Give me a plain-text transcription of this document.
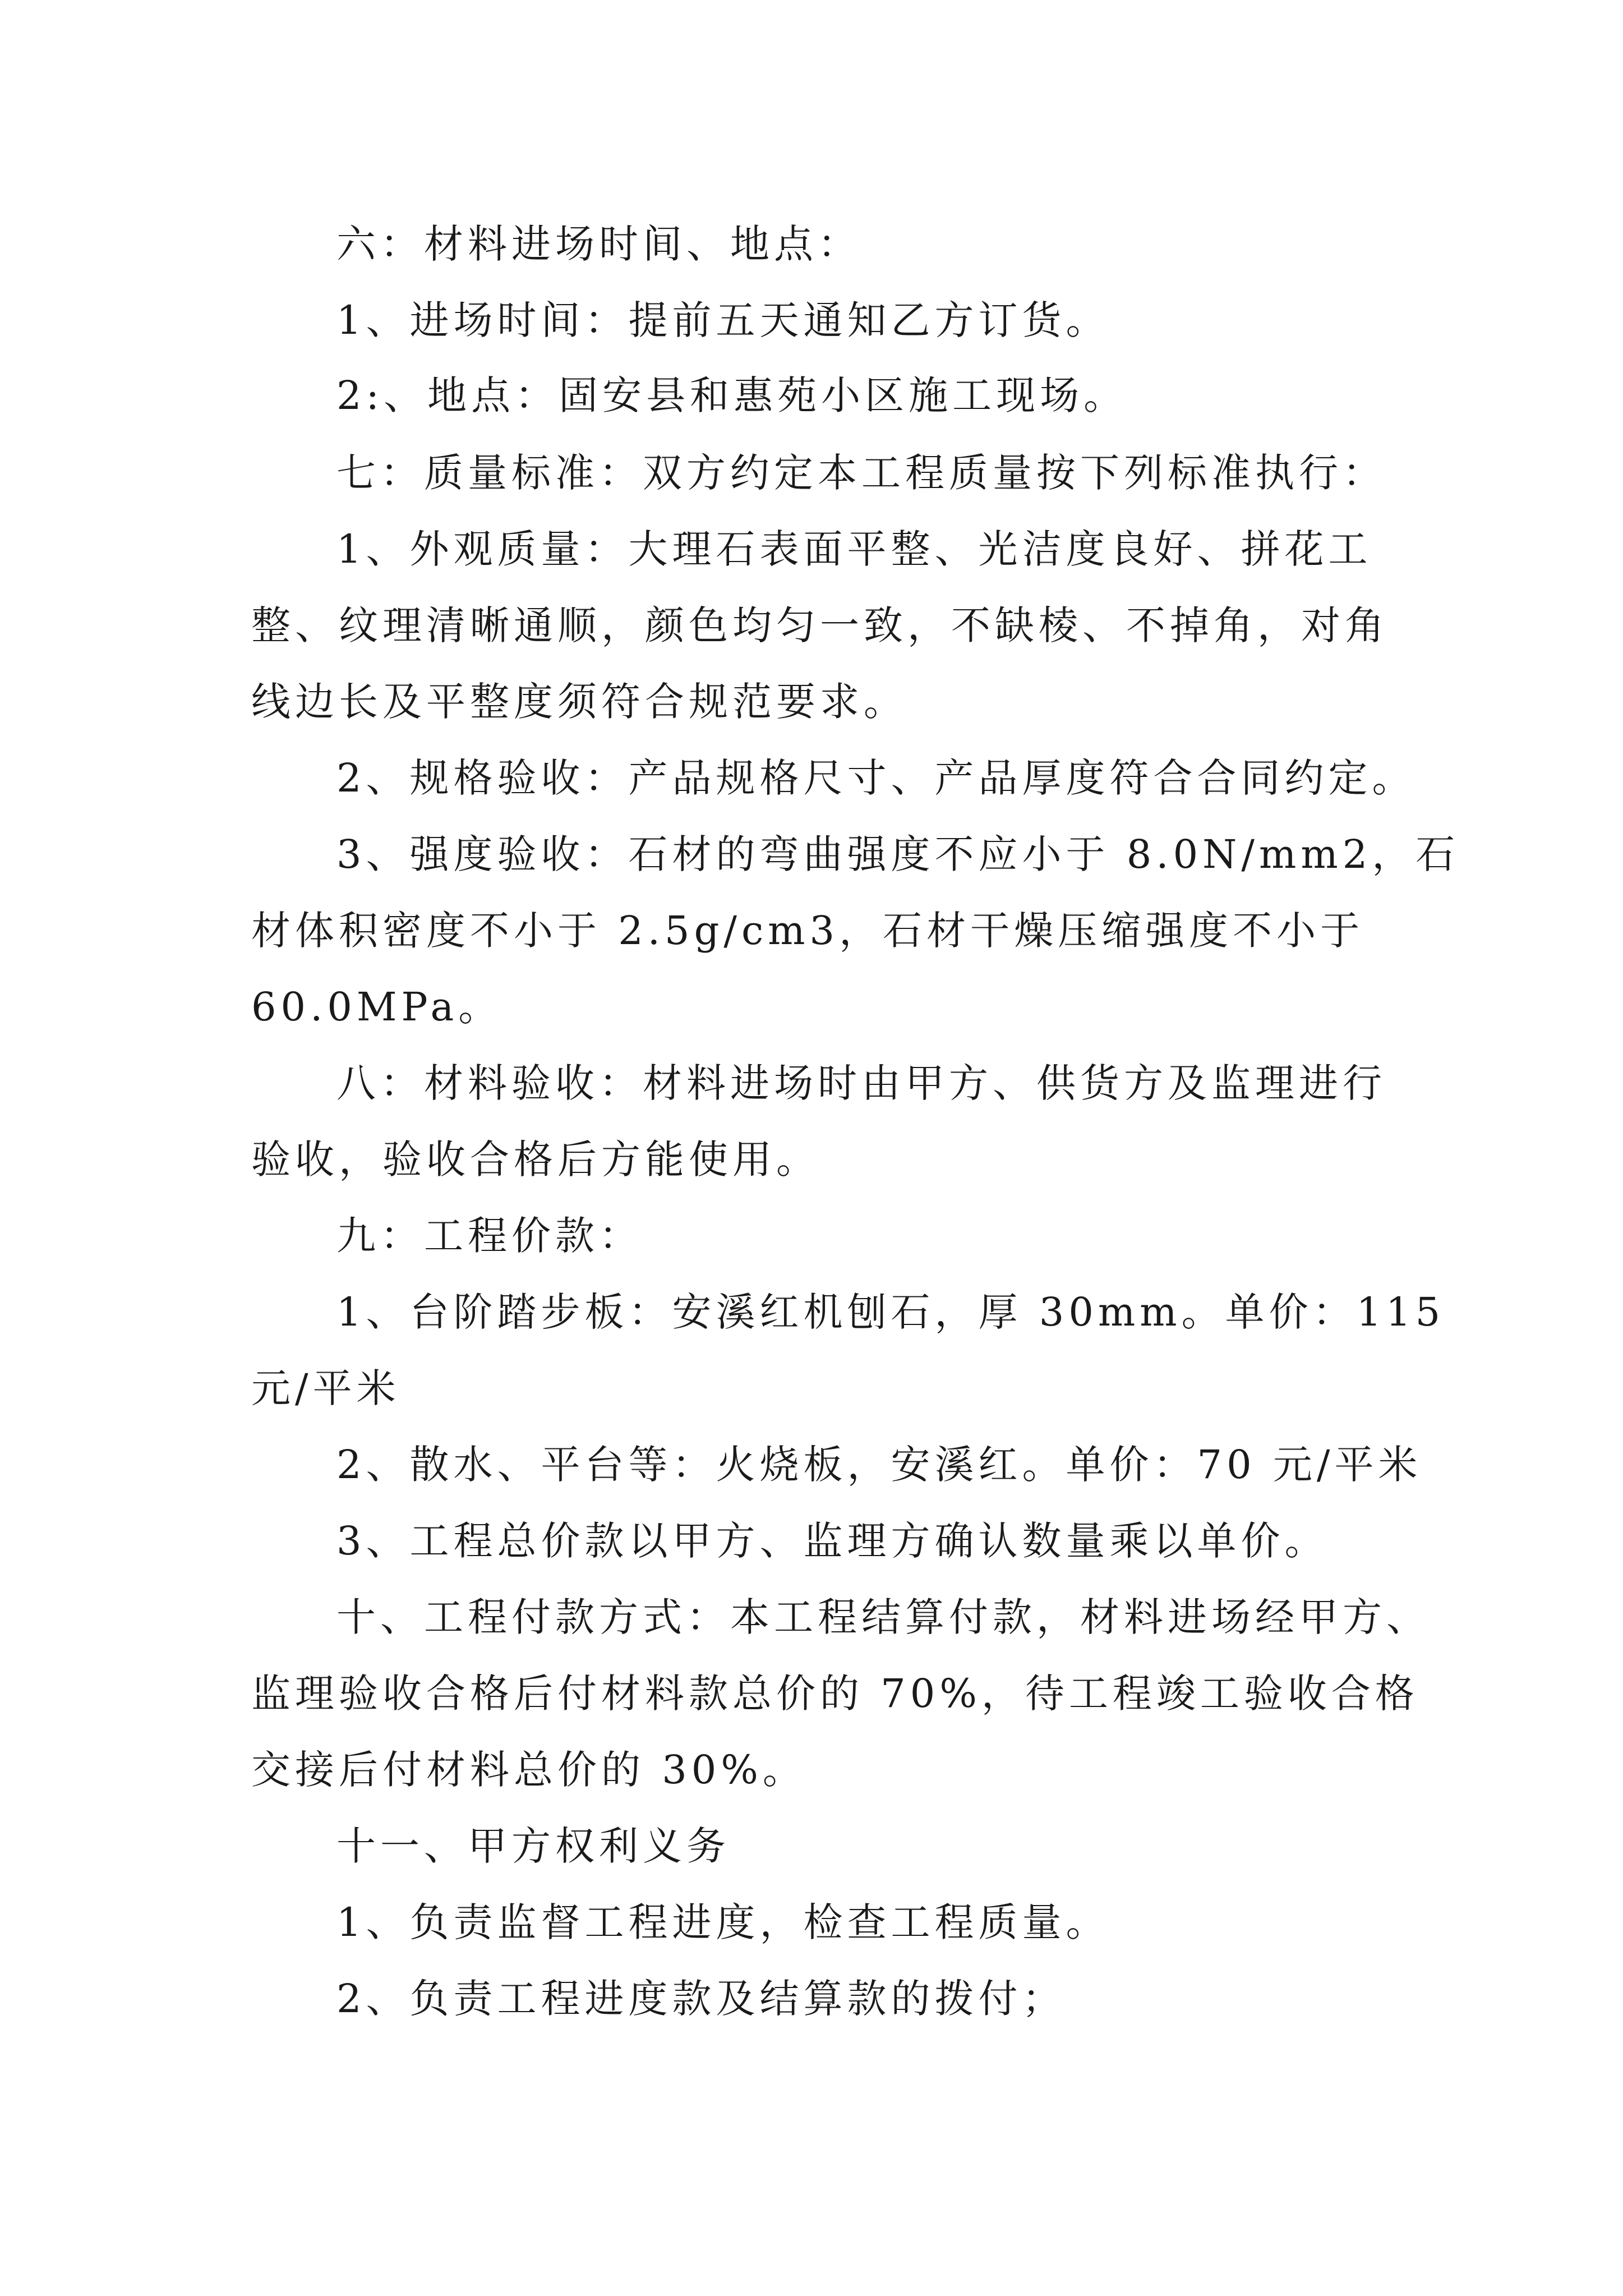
六：材料进场时间、地点：

1、进场时间：提前五天通知乙方订货。

2:、地点：固安县和惠苑小区施工现场。

七：质量标准：双方约定本工程质量按下列标准执行：

1、外观质量：大理石表面平整、光洁度良好、拼花工

整、纹理清晰通顺，颜色均匀一致，不缺棱、不掉角，对角

线边长及平整度须符合规范要求。

2、规格验收：产品规格尺寸、产品厚度符合合同约定。

3、强度验收：石材的弯曲强度不应小于 8.0N/mm2，石

材体积密度不小于 2.5g/cm3，石材干燥压缩强度不小于

60.0MPa。

八：材料验收：材料进场时由甲方、供货方及监理进行

验收，验收合格后方能使用。

九：工程价款：

1、台阶踏步板：安溪红机刨石，厚 30mm。单价：115

元/平米

2、散水、平台等：火烧板，安溪红。单价：70 元/平米

3、工程总价款以甲方、监理方确认数量乘以单价。

十、工程付款方式：本工程结算付款，材料进场经甲方、

监理验收合格后付材料款总价的 70%，待工程竣工验收合格

交接后付材料总价的 30%。

十一、甲方权利义务

1、负责监督工程进度，检查工程质量。

2、负责工程进度款及结算款的拨付；
